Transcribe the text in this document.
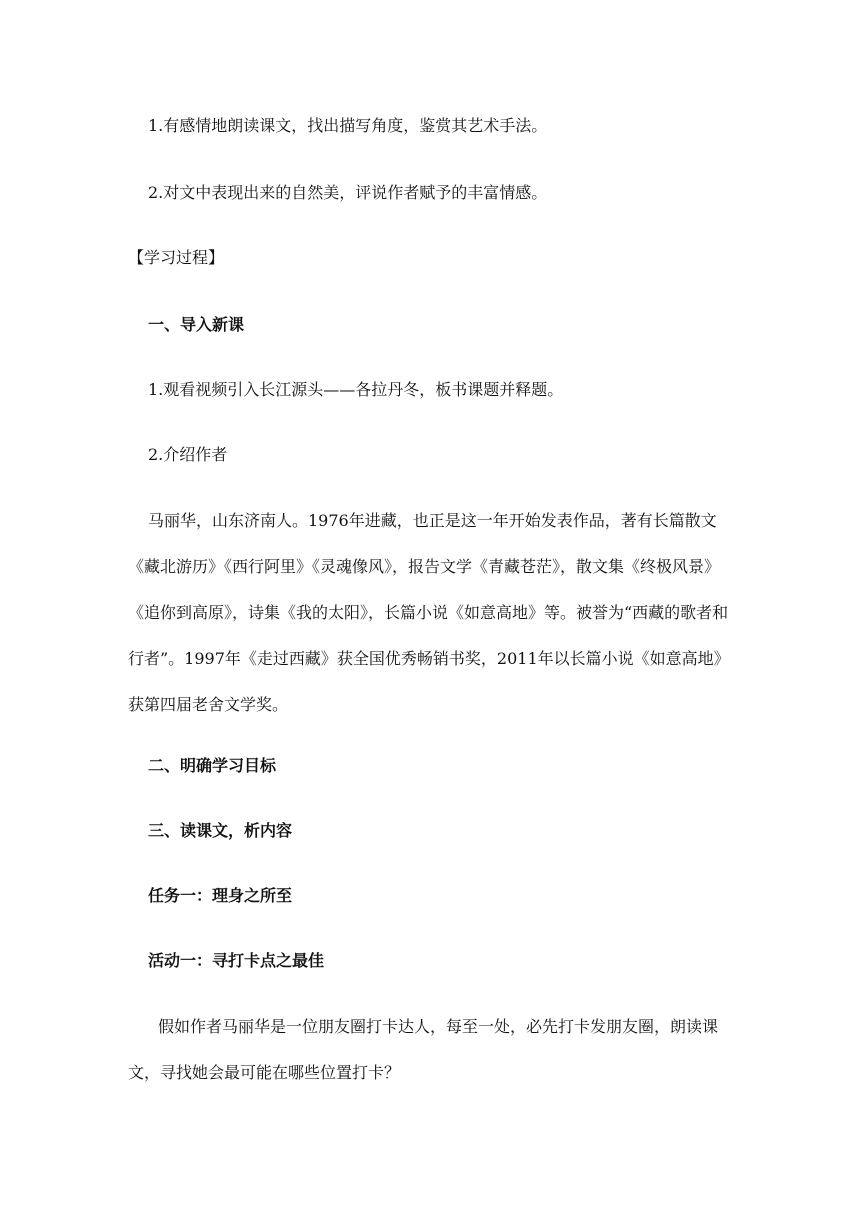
1.有感情地朗读课文，找出描写角度，鉴赏其艺术手法。
2.对文中表现出来的自然美，评说作者赋予的丰富情感。
【学习过程】
一、导入新课
1.观看视频引入长江源头——各拉丹冬，板书课题并释题。
2.介绍作者

马丽华，山东济南人。1976年进藏，也正是这一年开始发表作品，著有长篇散文《藏北游历》《西行阿里》《灵魂像风》，报告文学《青藏苍茫》，散文集《终极风景》《追你到高原》，诗集《我的太阳》，长篇小说《如意高地》等。被誉为“西藏的歌者和行者”。1997年《走过西藏》获全国优秀畅销书奖，2011年以长篇小说《如意高地》获第四届老舍文学奖。

二、明确学习目标
三、读课文，析内容
任务一：理身之所至
活动一：寻打卡点之最佳

假如作者马丽华是一位朋友圈打卡达人，每至一处，必先打卡发朋友圈，朗读课文，寻找她会最可能在哪些位置打卡？
